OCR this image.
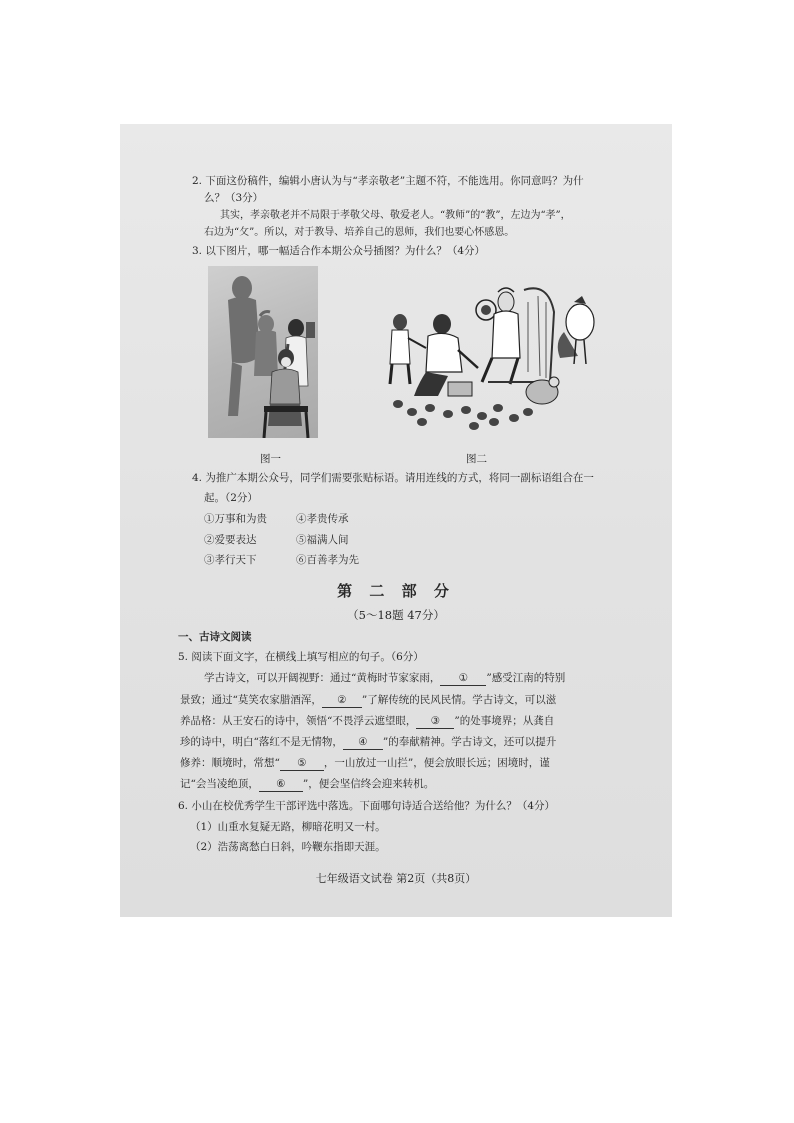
2. 下面这份稿件，编辑小唐认为与“孝亲敬老”主题不符，不能选用。你同意吗？为什
么？（3分）
其实，孝亲敬老并不局限于孝敬父母、敬爱老人。“教师”的“教”，左边为“孝”，
右边为“攵”。所以，对于教导、培养自己的恩师，我们也要心怀感恩。
3. 以下图片，哪一幅适合作本期公众号插图？为什么？（4分）
图一	图二
4. 为推广本期公众号，同学们需要张贴标语。请用连线的方式，将同一副标语组合在一
起。（2分）
①万事和为贵
②爱要表达
③孝行天下
④孝贵传承
⑤福满人间
⑥百善孝为先
第 二 部 分
（5～18题 47分）
一、古诗文阅读
5. 阅读下面文字，在横线上填写相应的句子。（6分）
学古诗文，可以开阔视野：通过“黄梅时节家家雨， ① ”感受江南的特别
景致；通过“莫笑农家腊酒浑， ② ”了解传统的民风民情。学古诗文，可以滋
养品格：从王安石的诗中，领悟“不畏浮云遮望眼， ③ ”的处事境界；从龚自
珍的诗中，明白“落红不是无情物， ④ ”的奉献精神。学古诗文，还可以提升
修养：顺境时，常想“ ⑤ ，一山放过一山拦”，便会放眼长远；困境时，谨
记“会当凌绝顶， ⑥ ”，便会坚信终会迎来转机。
6. 小山在校优秀学生干部评选中落选。下面哪句诗适合送给他？为什么？（4分）
（1）山重水复疑无路，柳暗花明又一村。
（2）浩荡离愁白日斜，吟鞭东指即天涯。
七年级语文试卷 第2页（共8页）
